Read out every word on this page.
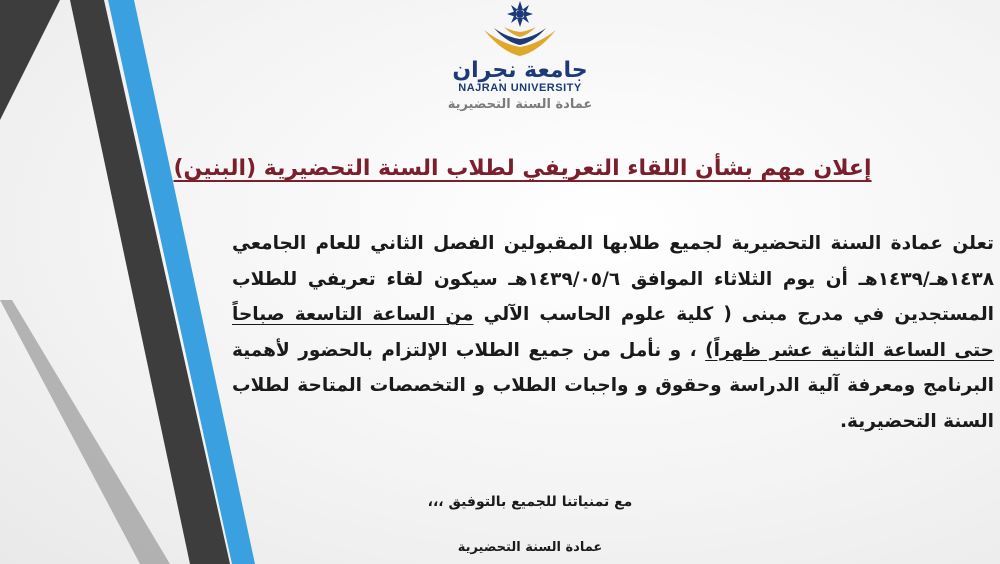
جامعة نجران
NAJRAN UNIVERSITY
عمادة السنة التحضيرية
إعلان مهم بشأن اللقاء التعريفي لطلاب السنة التحضيرية (البنين)
تعلن عمادة السنة التحضيرية لجميع طلابها المقبولين الفصل الثاني للعام الجامعي ١٤٣٨هـ/١٤٣٩هـ أن يوم الثلاثاء الموافق ١٤٣٩/٠٥/٦هـ سيكون لقاء تعريفي للطلاب المستجدين في مدرج مبنى ( كلية علوم الحاسب الآلي من الساعة التاسعة صباحاً حتى الساعة الثانية عشر ظهراً) ، و نأمل من جميع الطلاب الإلتزام بالحضور لأهمية البرنامج ومعرفة آلية الدراسة وحقوق و واجبات الطلاب و التخصصات المتاحة لطلاب السنة التحضيرية.
مع تمنياتنا للجميع بالتوفيق ،،،
عمادة السنة التحضيرية
